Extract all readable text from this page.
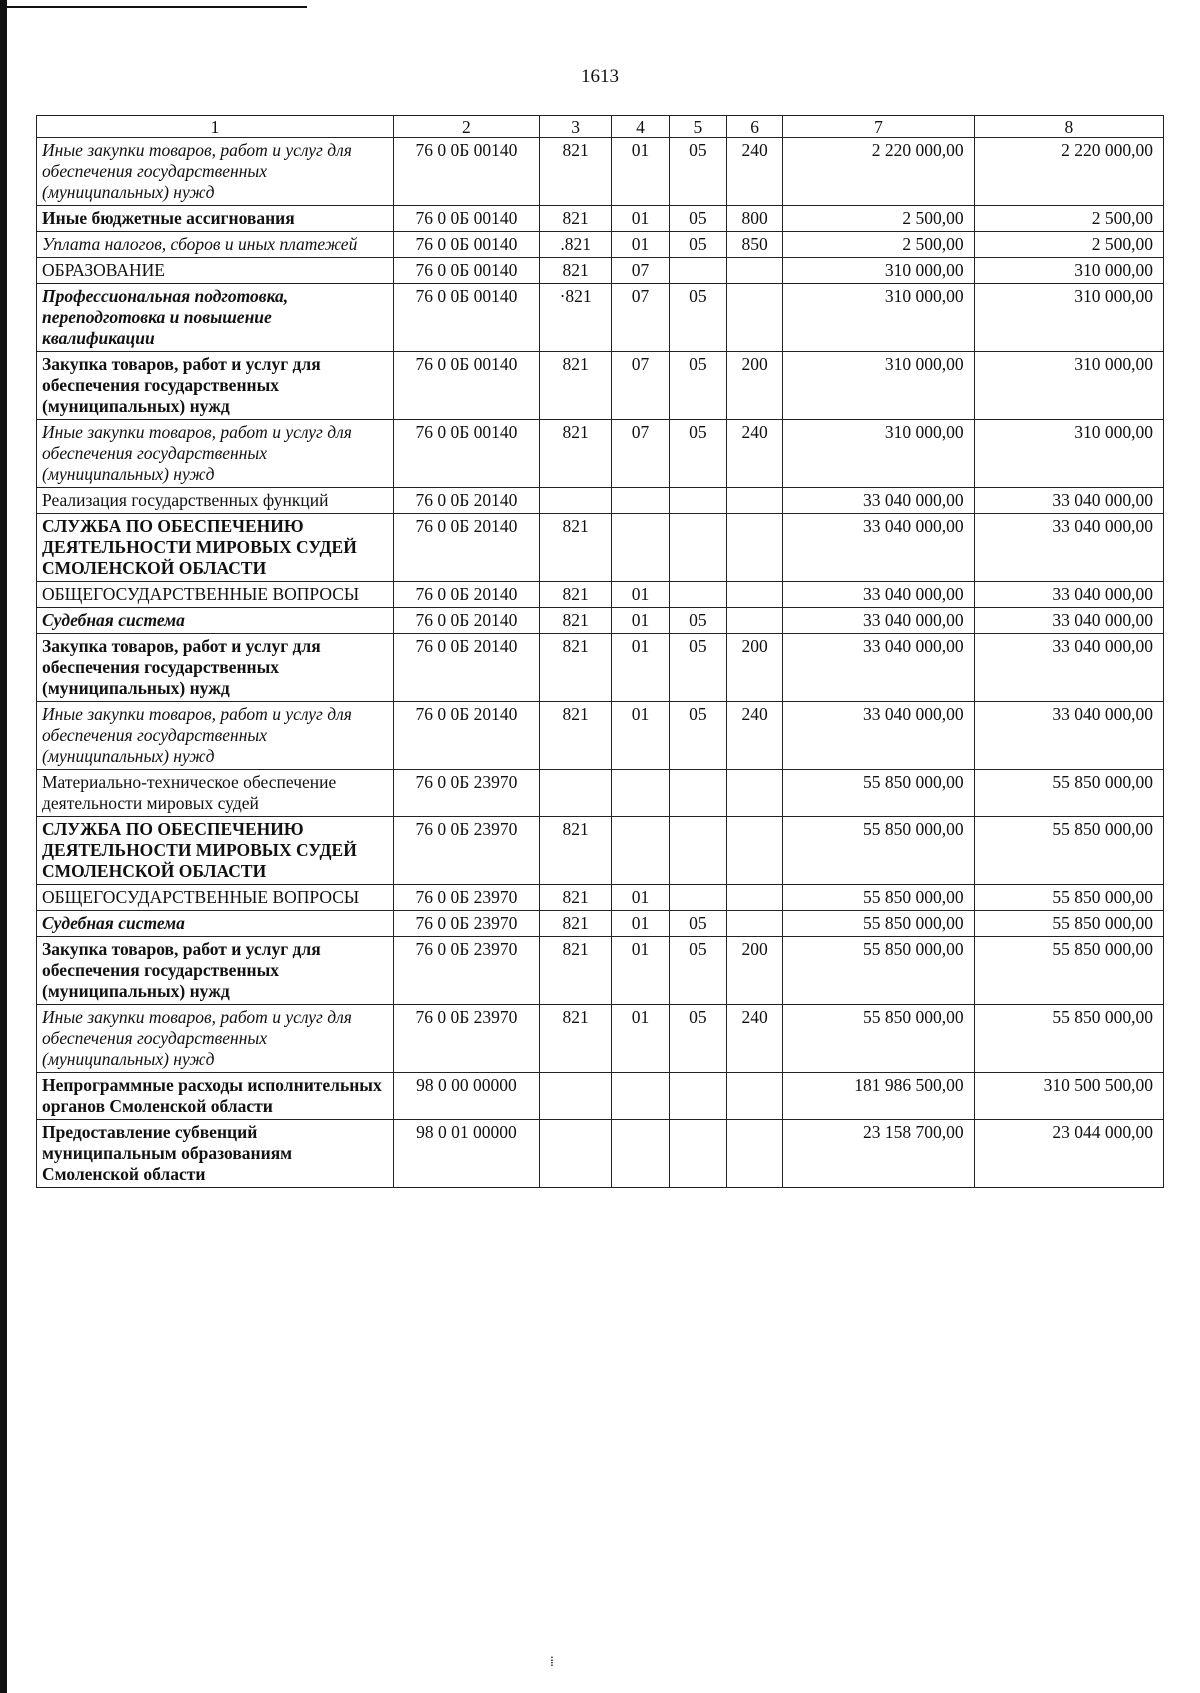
1613
1	2	3	4	5	6	7	8
Иные закупки товаров, работ и услуг для обеспечения государственных (муниципальных) нужд	76 0 0Б 00140	821	01	05	240	2 220 000,00	2 220 000,00
Иные бюджетные ассигнования	76 0 0Б 00140	821	01	05	800	2 500,00	2 500,00
Уплата налогов, сборов и иных платежей	76 0 0Б 00140	.821	01	05	850	2 500,00	2 500,00
ОБРАЗОВАНИЕ	76 0 0Б 00140	821	07			310 000,00	310 000,00
Профессиональная подготовка, переподготовка и повышение квалификации	76 0 0Б 00140	·821	07	05		310 000,00	310 000,00
Закупка товаров, работ и услуг для обеспечения государственных (муниципальных) нужд	76 0 0Б 00140	821	07	05	200	310 000,00	310 000,00
Иные закупки товаров, работ и услуг для обеспечения государственных (муниципальных) нужд	76 0 0Б 00140	821	07	05	240	310 000,00	310 000,00
Реализация государственных функций	76 0 0Б 20140					33 040 000,00	33 040 000,00
СЛУЖБА ПО ОБЕСПЕЧЕНИЮ ДЕЯТЕЛЬНОСТИ МИРОВЫХ СУДЕЙ СМОЛЕНСКОЙ ОБЛАСТИ	76 0 0Б 20140	821				33 040 000,00	33 040 000,00
ОБЩЕГОСУДАРСТВЕННЫЕ ВОПРОСЫ	76 0 0Б 20140	821	01			33 040 000,00	33 040 000,00
Судебная система	76 0 0Б 20140	821	01	05		33 040 000,00	33 040 000,00
Закупка товаров, работ и услуг для обеспечения государственных (муниципальных) нужд	76 0 0Б 20140	821	01	05	200	33 040 000,00	33 040 000,00
Иные закупки товаров, работ и услуг для обеспечения государственных (муниципальных) нужд	76 0 0Б 20140	821	01	05	240	33 040 000,00	33 040 000,00
Материально-техническое обеспечение деятельности мировых судей	76 0 0Б 23970					55 850 000,00	55 850 000,00
СЛУЖБА ПО ОБЕСПЕЧЕНИЮ ДЕЯТЕЛЬНОСТИ МИРОВЫХ СУДЕЙ СМОЛЕНСКОЙ ОБЛАСТИ	76 0 0Б 23970	821				55 850 000,00	55 850 000,00
ОБЩЕГОСУДАРСТВЕННЫЕ ВОПРОСЫ	76 0 0Б 23970	821	01			55 850 000,00	55 850 000,00
Судебная система	76 0 0Б 23970	821	01	05		55 850 000,00	55 850 000,00
Закупка товаров, работ и услуг для обеспечения государственных (муниципальных) нужд	76 0 0Б 23970	821	01	05	200	55 850 000,00	55 850 000,00
Иные закупки товаров, работ и услуг для обеспечения государственных (муниципальных) нужд	76 0 0Б 23970	821	01	05	240	55 850 000,00	55 850 000,00
Непрограммные расходы исполнительных органов Смоленской области	98 0 00 00000					181 986 500,00	310 500 500,00
Предоставление субвенций муниципальным образованиям Смоленской области	98 0 01 00000					23 158 700,00	23 044 000,00
⁞
